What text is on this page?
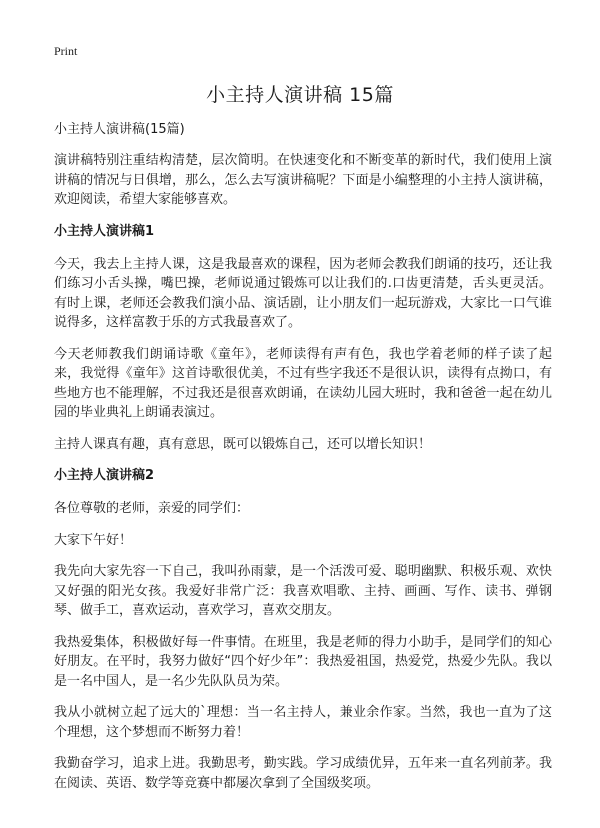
Print
小主持人演讲稿 15篇
小主持人演讲稿(15篇)

演讲稿特别注重结构清楚，层次简明。在快速变化和不断变革的新时代，我们使用上演讲稿的情况与日俱增，那么，怎么去写演讲稿呢？下面是小编整理的小主持人演讲稿，欢迎阅读，希望大家能够喜欢。

小主持人演讲稿1

今天，我去上主持人课，这是我最喜欢的课程，因为老师会教我们朗诵的技巧，还让我们练习小舌头操，嘴巴操，老师说通过锻炼可以让我们的.口齿更清楚，舌头更灵活。有时上课，老师还会教我们演小品、演话剧，让小朋友们一起玩游戏，大家比一口气谁说得多，这样富教于乐的方式我最喜欢了。

今天老师教我们朗诵诗歌《童年》，老师读得有声有色，我也学着老师的样子读了起来，我觉得《童年》这首诗歌很优美，不过有些字我还不是很认识，读得有点拗口，有些地方也不能理解，不过我还是很喜欢朗诵，在读幼儿园大班时，我和爸爸一起在幼儿园的毕业典礼上朗诵表演过。

主持人课真有趣，真有意思，既可以锻炼自己，还可以增长知识！

小主持人演讲稿2

各位尊敬的老师，亲爱的同学们：

大家下午好！

我先向大家先容一下自己，我叫孙雨蒙，是一个活泼可爱、聪明幽默、积极乐观、欢快又好强的阳光女孩。我爱好非常广泛：我喜欢唱歌、主持、画画、写作、读书、弹钢琴、做手工，喜欢运动，喜欢学习，喜欢交朋友。

我热爱集体，积极做好每一件事情。在班里，我是老师的得力小助手，是同学们的知心好朋友。在平时，我努力做好“四个好少年”：我热爱祖国，热爱党，热爱少先队。我以是一名中国人，是一名少先队队员为荣。

我从小就树立起了远大的`理想：当一名主持人，兼业余作家。当然，我也一直为了这个理想，这个梦想而不断努力着！

我勤奋学习，追求上进。我勤思考，勤实践。学习成绩优异，五年来一直名列前茅。我在阅读、英语、数学等竞赛中都屡次拿到了全国级奖项。
